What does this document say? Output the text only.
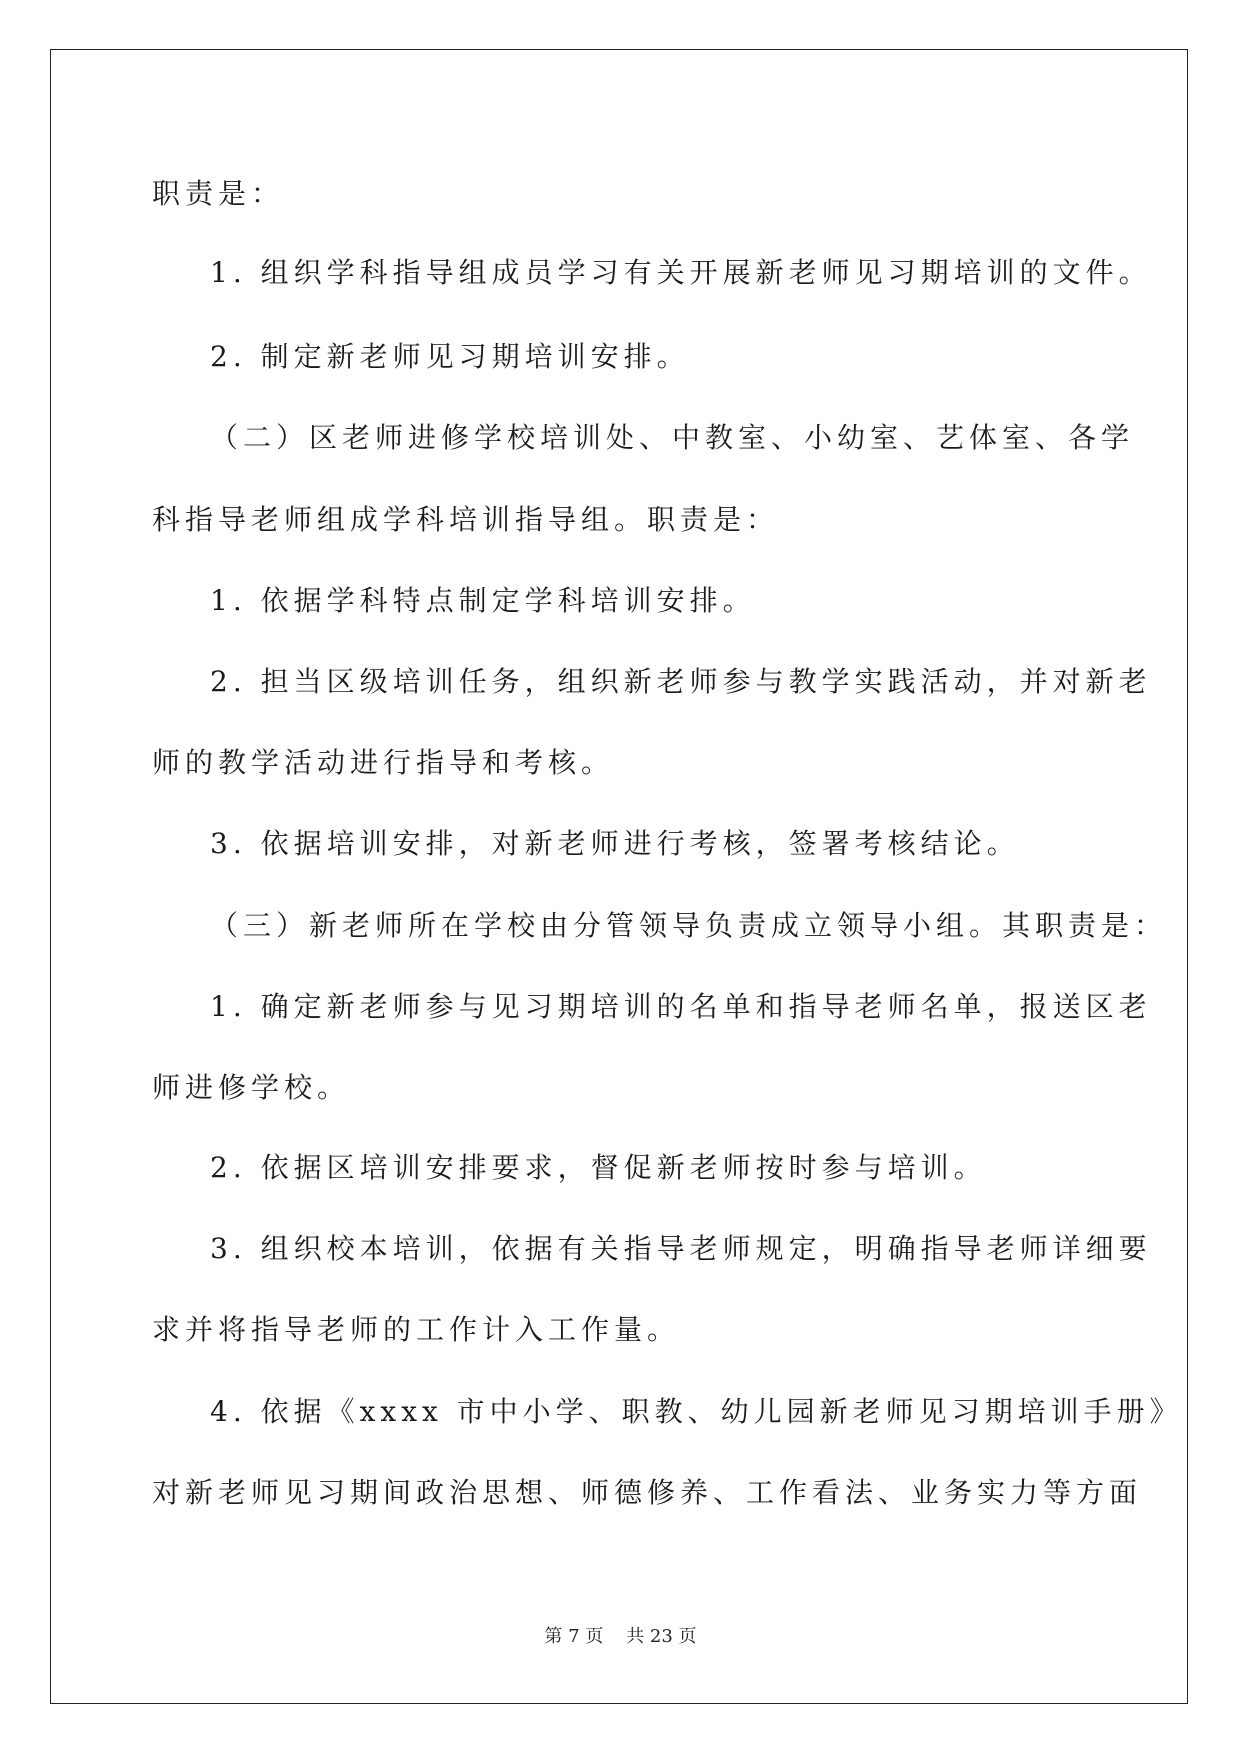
职责是：
1. 组织学科指导组成员学习有关开展新老师见习期培训的文件。
2. 制定新老师见习期培训安排。
（二）区老师进修学校培训处、中教室、小幼室、艺体室、各学
科指导老师组成学科培训指导组。职责是：
1. 依据学科特点制定学科培训安排。
2. 担当区级培训任务，组织新老师参与教学实践活动，并对新老
师的教学活动进行指导和考核。
3. 依据培训安排，对新老师进行考核，签署考核结论。
（三）新老师所在学校由分管领导负责成立领导小组。其职责是：
1. 确定新老师参与见习期培训的名单和指导老师名单，报送区老
师进修学校。
2. 依据区培训安排要求，督促新老师按时参与培训。
3. 组织校本培训，依据有关指导老师规定，明确指导老师详细要
求并将指导老师的工作计入工作量。
4. 依据《xxxx 市中小学、职教、幼儿园新老师见习期培训手册》
对新老师见习期间政治思想、师德修养、工作看法、业务实力等方面
第 7 页    共 23 页
